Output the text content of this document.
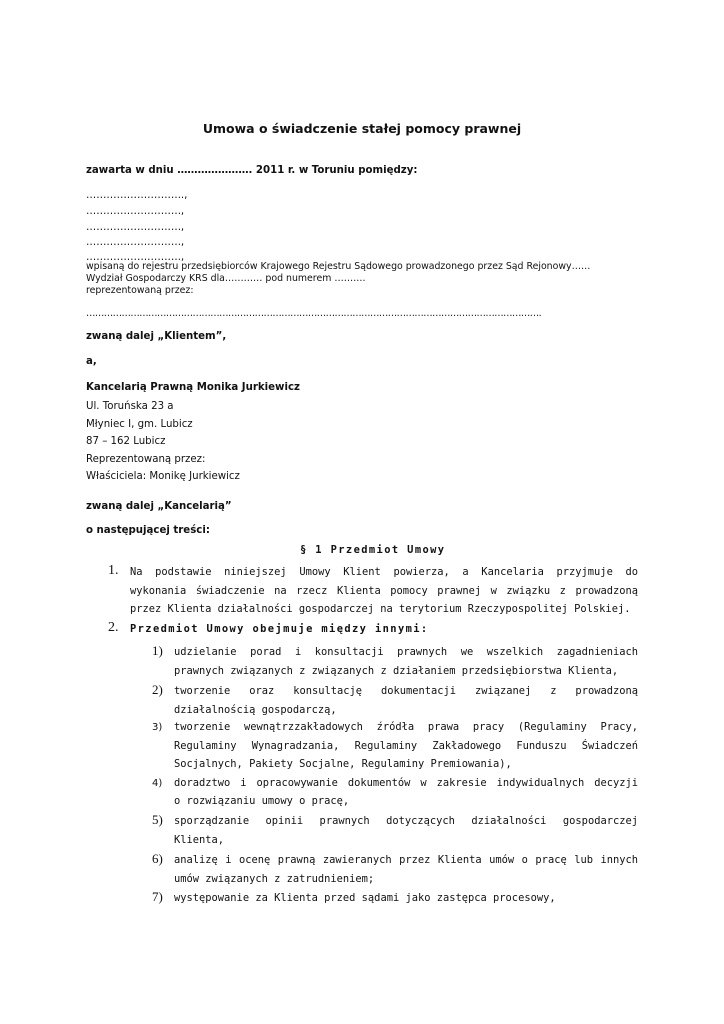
Umowa o świadczenie stałej pomocy prawnej
zawarta w dniu …………………. 2011 r. w Toruniu pomiędzy:
………………………..,
……………………….,
……………………….,
……………………….,
……………………….,
wpisaną do rejestru przedsiębiorców Krajowego Rejestru Sądowego prowadzonego przez Sąd Rejonowy……
Wydział Gospodarczy KRS dla………… pod numerem ……….
reprezentowaną przez:
……………………………………………………………………………………………………………………………………….
zwaną dalej „Klientem”,
a,
Kancelarią Prawną Monika Jurkiewicz
Ul. Toruńska 23 a
Młyniec I, gm. Lubicz
87 – 162 Lubicz
Reprezentowaną przez:
Właściciela: Monikę Jurkiewicz
zwaną dalej „Kancelarią”
o następującej treści:
§ 1 Przedmiot Umowy
1. Na podstawie niniejszej Umowy Klient powierza, a Kancelaria przyjmuje do
wykonania świadczenie na rzecz Klienta pomocy prawnej w związku z prowadzoną
przez Klienta działalności gospodarczej na terytorium Rzeczypospolitej Polskiej.
2. Przedmiot Umowy obejmuje między innymi:
1) udzielanie porad i konsultacji prawnych we wszelkich zagadnieniach
prawnych związanych z związanych z działaniem przedsiębiorstwa Klienta,
2) tworzenie oraz konsultację dokumentacji związanej z prowadzoną
działalnością gospodarczą,
3) tworzenie wewnątrzzakładowych źródła prawa pracy (Regulaminy Pracy,
Regulaminy Wynagradzania, Regulaminy Zakładowego Funduszu Świadczeń
Socjalnych, Pakiety Socjalne, Regulaminy Premiowania),
4) doradztwo i opracowywanie dokumentów w zakresie indywidualnych decyzji
o rozwiązaniu umowy o pracę,
5) sporządzanie opinii prawnych dotyczących działalności gospodarczej
Klienta,
6) analizę i ocenę prawną zawieranych przez Klienta umów o pracę lub innych
umów związanych z zatrudnieniem;
7) występowanie za Klienta przed sądami jako zastępca procesowy,
